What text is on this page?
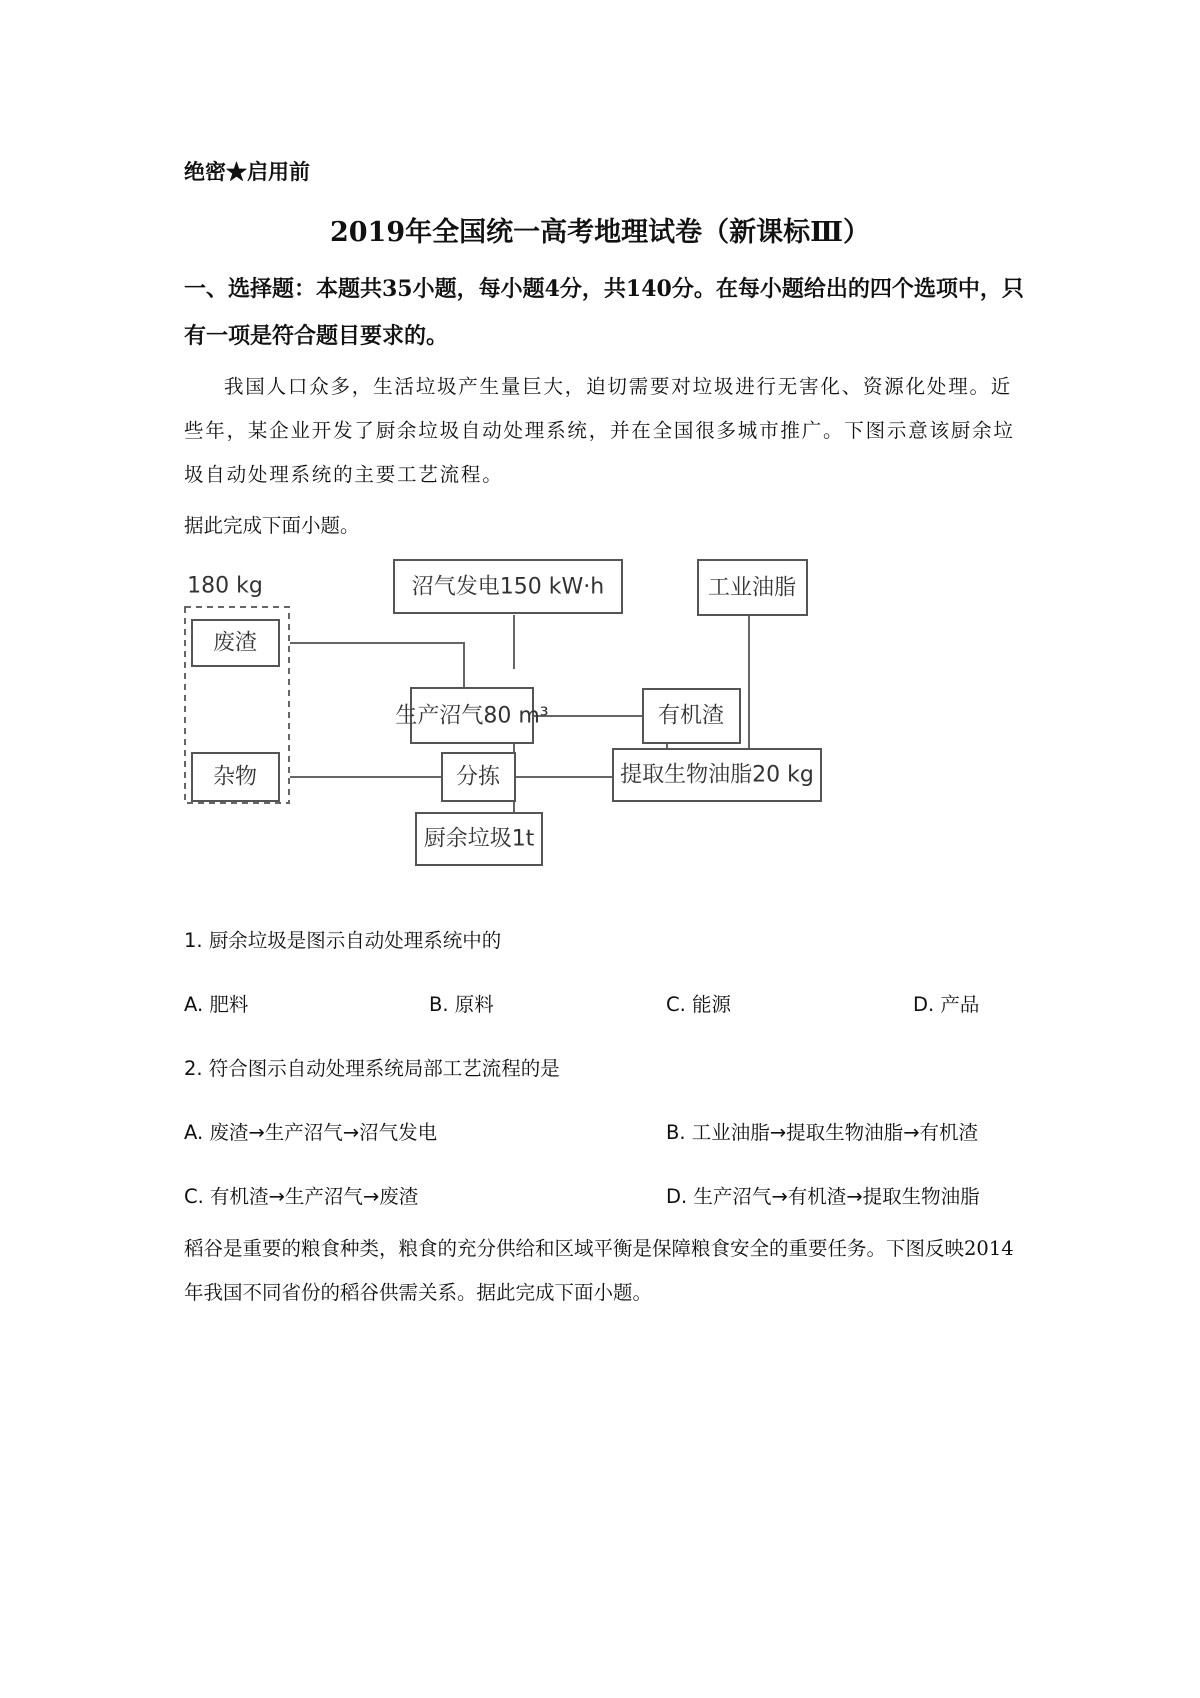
绝密★启用前
2019年全国统一高考地理试卷（新课标Ⅲ）
一、选择题：本题共35小题，每小题4分，共140分。在每小题给出的四个选项中，只有一项是符合题目要求的。
我国人口众多，生活垃圾产生量巨大，迫切需要对垃圾进行无害化、资源化处理。近些年，某企业开发了厨余垃圾自动处理系统，并在全国很多城市推广。下图示意该厨余垃圾自动处理系统的主要工艺流程。
据此完成下面小题。
180 kg
废渣
杂物
沼气发电150 kW·h
生产沼气80 m³	有机渣
分拣
厨余垃圾1t
工业油脂
提取生物油脂20 kg
1. 厨余垃圾是图示自动处理系统中的
A. 肥料	B. 原料	C. 能源	D. 产品
2. 符合图示自动处理系统局部工艺流程的是
A. 废渣→生产沼气→沼气发电	B. 工业油脂→提取生物油脂→有机渣
C. 有机渣→生产沼气→废渣	D. 生产沼气→有机渣→提取生物油脂
稻谷是重要的粮食种类，粮食的充分供给和区域平衡是保障粮食安全的重要任务。下图反映2014年我国不同省份的稻谷供需关系。据此完成下面小题。
